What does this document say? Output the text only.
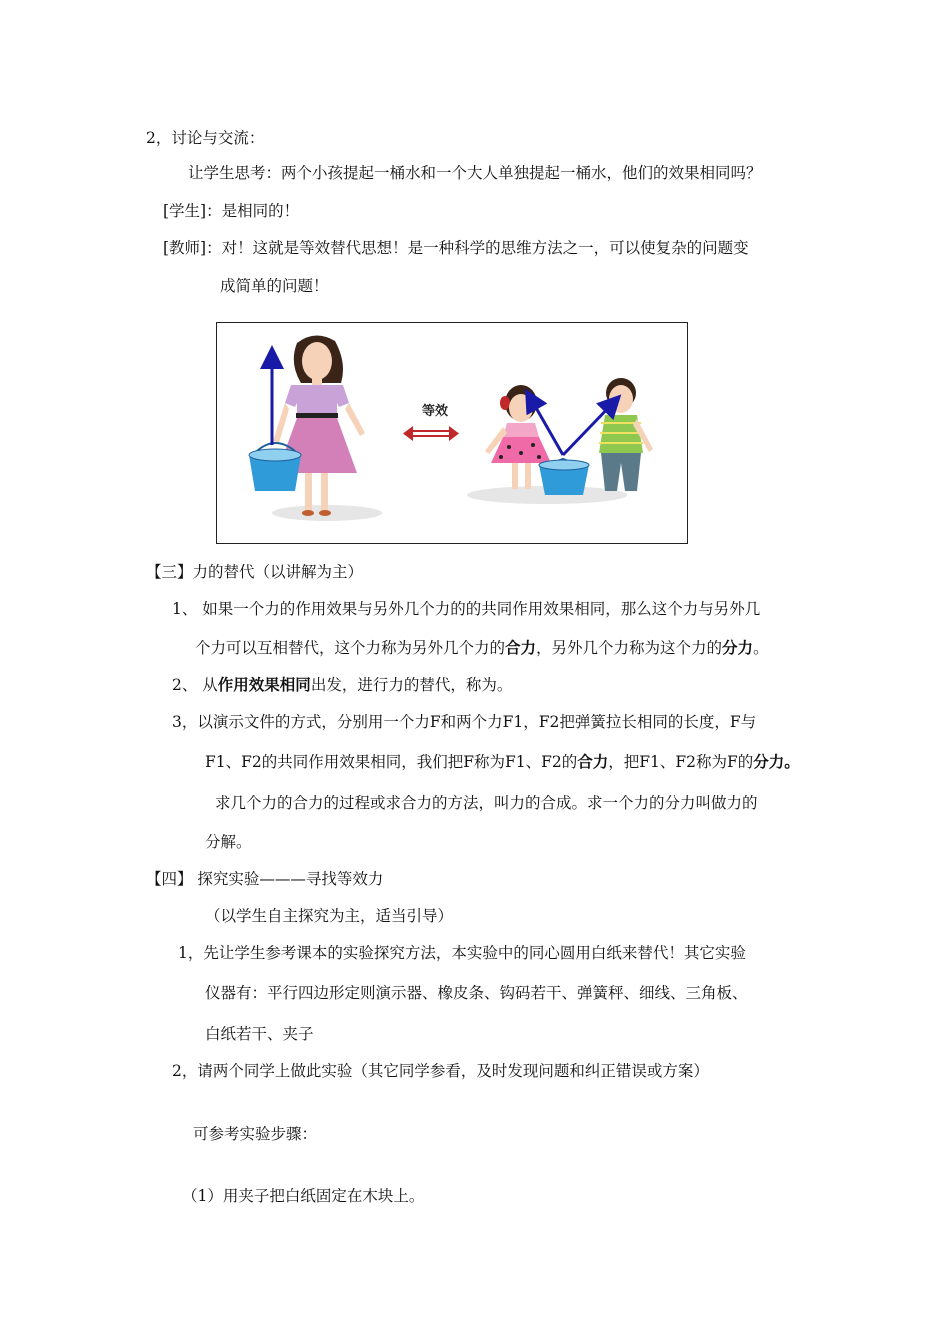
2，讨论与交流：
让学生思考：两个小孩提起一桶水和一个大人单独提起一桶水，他们的效果相同吗？
[学生]：是相同的！
[教师]：对！这就是等效替代思想！是一种科学的思维方法之一，可以使复杂的问题变
成简单的问题！
等效
【三】力的替代（以讲解为主）
1、 如果一个力的作用效果与另外几个力的的共同作用效果相同，那么这个力与另外几
个力可以互相替代，这个力称为另外几个力的合力，另外几个力称为这个力的分力。
2、 从作用效果相同出发，进行力的替代，称为。
3，以演示文件的方式，分别用一个力F和两个力F1，F2把弹簧拉长相同的长度，F与
F1、F2的共同作用效果相同，我们把F称为F1、F2的合力，把F1、F2称为F的分力。
求几个力的合力的过程或求合力的方法，叫力的合成。求一个力的分力叫做力的
分解。
【四】 探究实验———寻找等效力
（以学生自主探究为主，适当引导）
1，先让学生参考课本的实验探究方法，本实验中的同心圆用白纸来替代！其它实验
仪器有：平行四边形定则演示器、橡皮条、钩码若干、弹簧秤、细线、三角板、
白纸若干、夹子
2，请两个同学上做此实验（其它同学参看，及时发现问题和纠正错误或方案）
可参考实验步骤：
（1）用夹子把白纸固定在木块上。
